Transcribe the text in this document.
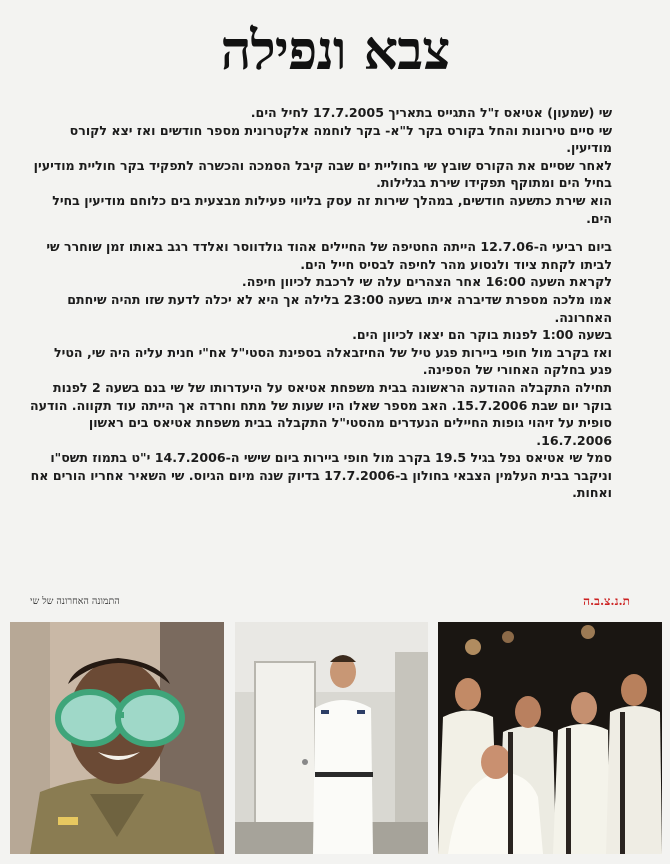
צבא ונפילה

שי (שמעון) אטיאס ז"ל התגייס בתאריך 17.7.2005 לחיל הים.
שי סיים טירונות והחל בקורס בקר ל"א- בקר לוחמה אלקטרונית מספר חודשים ואז יצא לקורס מודיעין.
לאחר שסיים את הקורס שובץ שי בחוליית ים שבה קיבל הסמכה והכשרה לתפקיד בקר חוליית מודיעין בחיל הים ומתוקף תפקידו שירת בגלילות.
הוא שירת כתשעה חודשים, במהלך שירות זה עסק בליווי פעילות מבצעית בים כלוחם מודיעין בחיל הים.

ביום רביעי ה-12.7.06 הייתה החטיפה של החיילים אהוד גולדווסר ואלדד רגב באותו זמן שוחרר שי לביתו לקחת ציוד ולנסוע מהר לחיפה לבסיס חייל הים.
לקראת השעה 16:00 אחר הצהרים עלה שי לרכבת לכיוון חיפה.
אמו מלכה מספרת שדיברה איתו בשעה 23:00 בלילה אך היא לא יכלה לדעת שזו תהיה שיחתם האחרונה.
בשעה 1:00 לפנות בוקר הם יצאו לכיוון הים.
ואז בקרב מול חופי ביירות פגע טיל של החיזבאלה בספינת הסטי"ל אח"י חנית עליה היה שי, הטיל פגע בחלקה האחורי של הספינה.
תחילה התקבלה ההודעה הראשונה בבית משפחת אטיאס על היעדרותו של שי בנם בשעה 2 לפנות בוקר יום שבת 15.7.2006. האב מספר שאלו היו שעות של מתח וחרדה אך הייתה עוד תקווה. הודעה סופית על זיהוי גופות החיילים הנעדרים מהסטי"ל התקבלה בבית משפחת אטיאס בים ראשון 16.7.2006.
סמל שי אטיאס נפל בגיל 19.5 בקרב מול חופי ביירות ביום שישי ה-14.7.2006 י"ט בתמוז תשס"ו וניקבר בבית העלמין הצבאי בחולון ב-17.7.2006 בדיוק שנה מיום הגיוס. שי השאיר אחריו הורים אח ואחות.

התמונה האחרונה של שי	ת.נ.צ.ב.ה
